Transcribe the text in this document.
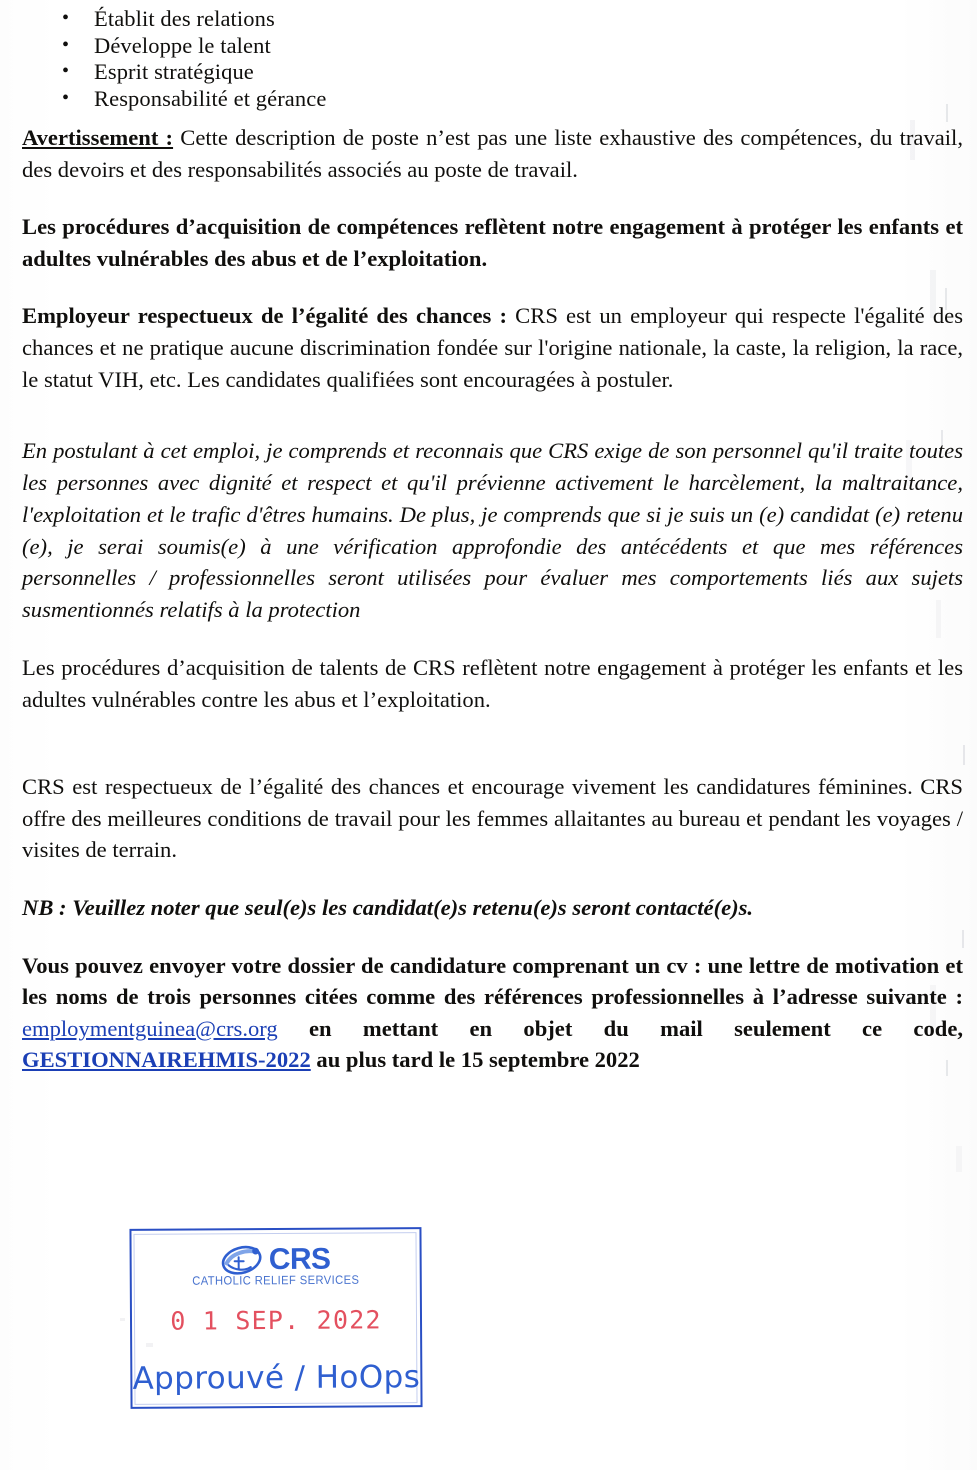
• Établit des relations
• Développe le talent
• Esprit stratégique
• Responsabilité et gérance

Avertissement : Cette description de poste n’est pas une liste exhaustive des compétences, du travail, des devoirs et des responsabilités associés au poste de travail.

Les procédures d’acquisition de compétences reflètent notre engagement à protéger les enfants et adultes vulnérables des abus et de l’exploitation.

Employeur respectueux de l’égalité des chances : CRS est un employeur qui respecte l'égalité des chances et ne pratique aucune discrimination fondée sur l'origine nationale, la caste, la religion, la race, le statut VIH, etc. Les candidates qualifiées sont encouragées à postuler.

En postulant à cet emploi, je comprends et reconnais que CRS exige de son personnel qu'il traite toutes les personnes avec dignité et respect et qu'il prévienne activement le harcèlement, la maltraitance, l'exploitation et le trafic d'êtres humains. De plus, je comprends que si je suis un (e) candidat (e) retenu (e), je serai soumis(e) à une vérification approfondie des antécédents et que mes références personnelles / professionnelles seront utilisées pour évaluer mes comportements liés aux sujets susmentionnés relatifs à la protection

Les procédures d’acquisition de talents de CRS reflètent notre engagement à protéger les enfants et les adultes vulnérables contre les abus et l’exploitation.

CRS est respectueux de l’égalité des chances et encourage vivement les candidatures féminines. CRS offre des meilleures conditions de travail pour les femmes allaitantes au bureau et pendant les voyages / visites de terrain.

NB : Veuillez noter que seul(e)s les candidat(e)s retenu(e)s seront contacté(e)s.

Vous pouvez envoyer votre dossier de candidature comprenant un cv : une lettre de motivation et les noms de trois personnes citées comme des références professionnelles à l’adresse suivante : employmentguinea@crs.org en mettant en objet du mail seulement ce code, GESTIONNAIREHMIS-2022 au plus tard le 15 septembre 2022

CRS
CATHOLIC RELIEF SERVICES
0 1 SEP. 2022
Approuvé / HoOps
